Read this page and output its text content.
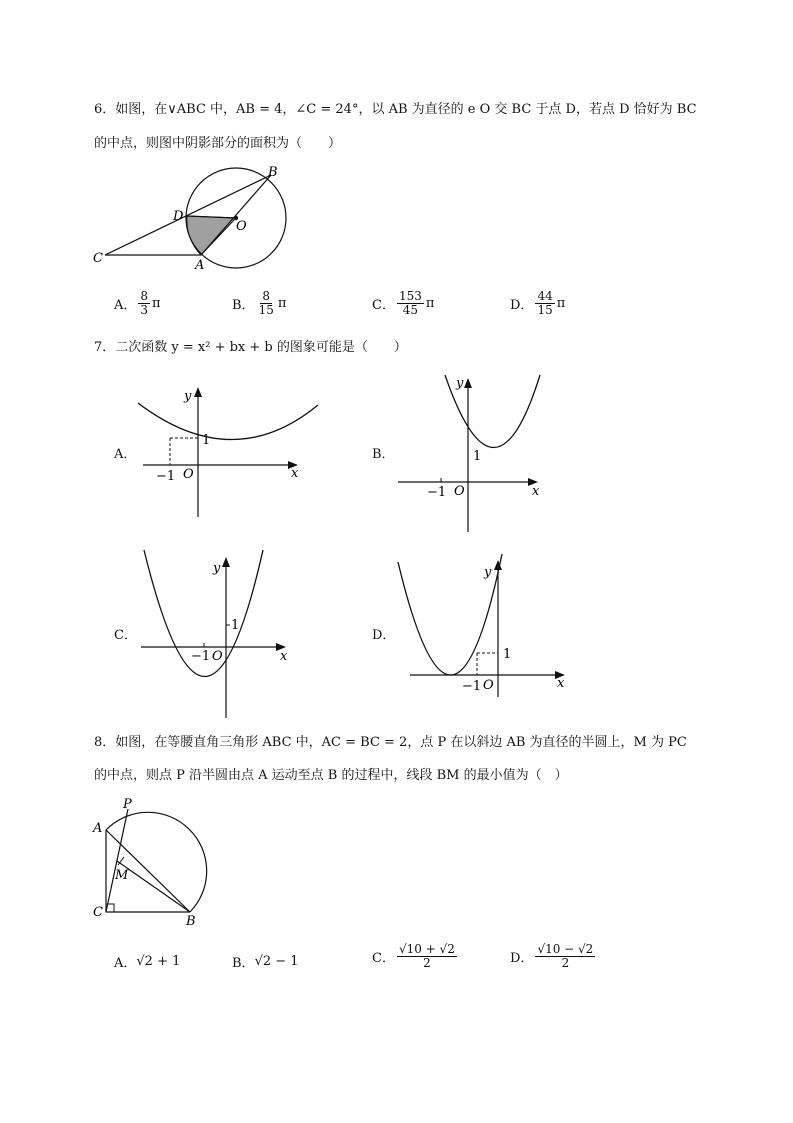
6．如图，在∨ABC 中，AB = 4，∠C = 24°，以 AB 为直径的 e O 交 BC 于点 D，若点 D 恰好为 BC
的中点，则图中阴影部分的面积为（　　）
B
D
O
C	A
A． $\frac{8}{3}$ π	B． $\frac{8}{15}$ π	C． $\frac{153}{45}$ π	D． $\frac{44}{15}$ π
7．二次函数 y = x² + bx + b 的图象可能是（　　）
A．
y
1
−1 O	x
B．
y
1
−1 O	x
C．
y
1
−1 O	x
D．
y
1
−1 O	x
8．如图，在等腰直角三角形 ABC 中，AC = BC = 2，点 P 在以斜边 AB 为直径的半圆上，M 为 PC
的中点，则点 P 沿半圆由点 A 运动至点 B 的过程中，线段 BM 的最小值为（　）
P
A
M
C
B
A． √2 + 1	B． √2 − 1	C． $\frac{√10 + √2}{2}$	D． $\frac{√10 - √2}{2}$
